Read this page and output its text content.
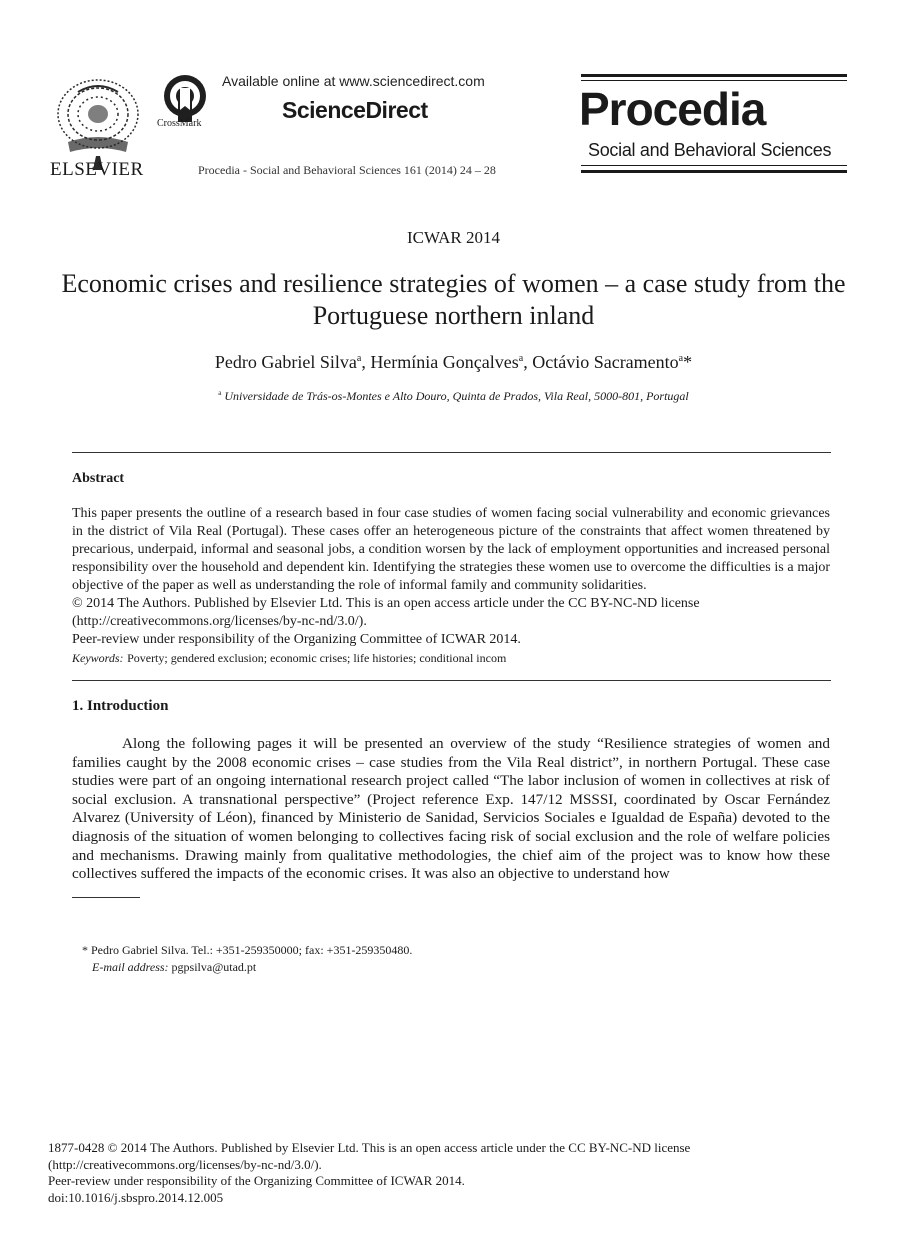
ELSEVIER
CrossMark
Available online at www.sciencedirect.com
ScienceDirect
Procedia - Social and Behavioral Sciences 161 (2014) 24 – 28
Procedia
Social and Behavioral Sciences
ICWAR 2014
Economic crises and resilience strategies of women – a case study from the Portuguese northern inland
Pedro Gabriel Silva$^a$, Hermínia Gonçalves$^a$, Octávio Sacramento$^a$*
$^a$ Universidade de Trás-os-Montes e Alto Douro, Quinta de Prados, Vila Real, 5000-801, Portugal
Abstract
This paper presents the outline of a research based in four case studies of women facing social vulnerability and economic grievances in the district of Vila Real (Portugal). These cases offer an heterogeneous picture of the constraints that affect women threatened by precarious, underpaid, informal and seasonal jobs, a condition worsen by the lack of employment opportunities and increased personal responsibility over the household and dependent kin. Identifying the strategies these women use to overcome the difficulties is a major objective of the paper as well as understanding the role of informal family and community solidarities.
© 2014 The Authors. Published by Elsevier Ltd. This is an open access article under the CC BY-NC-ND license
(http://creativecommons.org/licenses/by-nc-nd/3.0/).
Peer-review under responsibility of the Organizing Committee of ICWAR 2014.
Keywords: Poverty; gendered exclusion; economic crises; life histories; conditional incom
1. Introduction
Along the following pages it will be presented an overview of the study “Resilience strategies of women and families caught by the 2008 economic crises – case studies from the Vila Real district”, in northern Portugal. These case studies were part of an ongoing international research project called “The labor inclusion of women in collectives at risk of social exclusion. A transnational perspective” (Project reference Exp. 147/12 MSSSI, coordinated by Oscar Fernández Alvarez (University of Léon), financed by Ministerio de Sanidad, Servicios Sociales e Igualdad de España) devoted to the diagnosis of the situation of women belonging to collectives facing risk of social exclusion and the role of welfare policies and mechanisms. Drawing mainly from qualitative methodologies, the chief aim of the project was to know how these collectives suffered the impacts of the economic crises. It was also an objective to understand how
* Pedro Gabriel Silva. Tel.: +351-259350000; fax: +351-259350480.
E-mail address: pgpsilva@utad.pt
1877-0428 © 2014 The Authors. Published by Elsevier Ltd. This is an open access article under the CC BY-NC-ND license
(http://creativecommons.org/licenses/by-nc-nd/3.0/).
Peer-review under responsibility of the Organizing Committee of ICWAR 2014.
doi:10.1016/j.sbspro.2014.12.005
